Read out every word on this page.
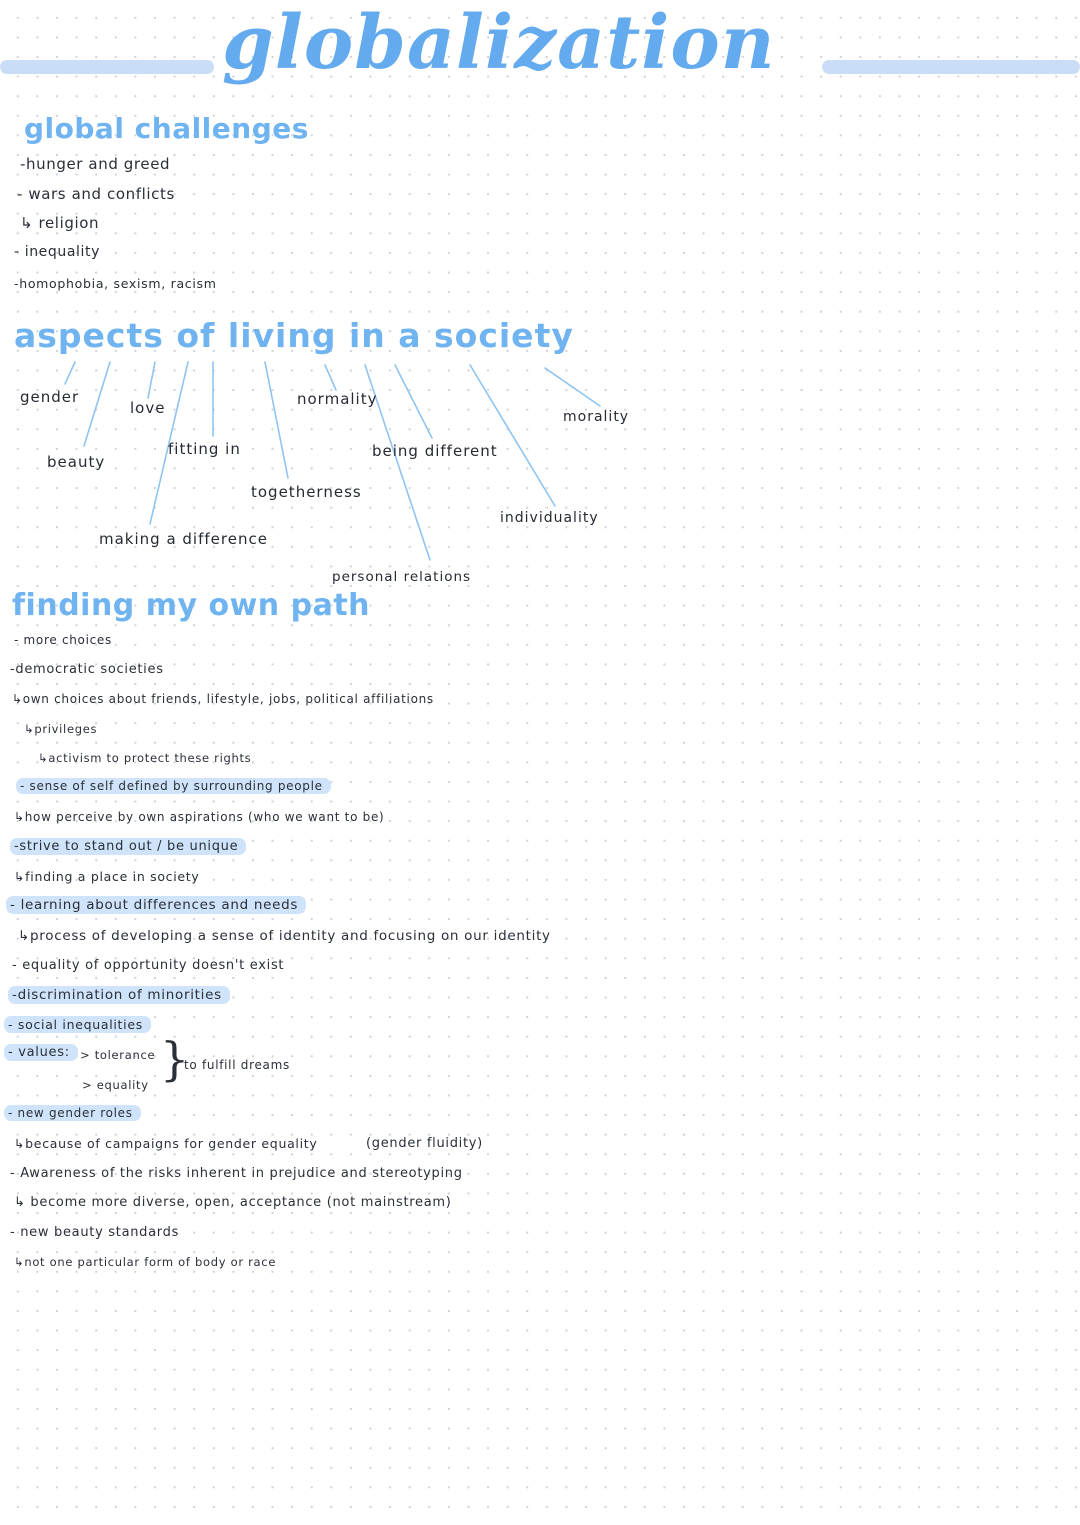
globalization
global challenges
-hunger and greed
- wars and conflicts
↳ religion
- inequality
-homophobia, sexism, racism
aspects of living in a society
gender
love	normality
morality
beauty
fitting in	being different
togetherness
individuality
making a difference
personal relations
finding my own path
- more choices
-democratic societies
↳own choices about friends, lifestyle, jobs, political affiliations
↳privileges
↳activism to protect these rights
- sense of self defined by surrounding people
↳how perceive by own aspirations (who we want to be)
-strive to stand out / be unique
↳finding a place in society
- learning about differences and needs
↳process of developing a sense of identity and focusing on our identity
- equality of opportunity doesn't exist
-discrimination of minorities
- social inequalities
- values: > tolerance
> equality }
to fulfill dreams
- new gender roles
↳because of campaigns for gender equality	(gender fluidity)
- Awareness of the risks inherent in prejudice and stereotyping
↳ become more diverse, open, acceptance (not mainstream)
- new beauty standards
↳not one particular form of body or race
